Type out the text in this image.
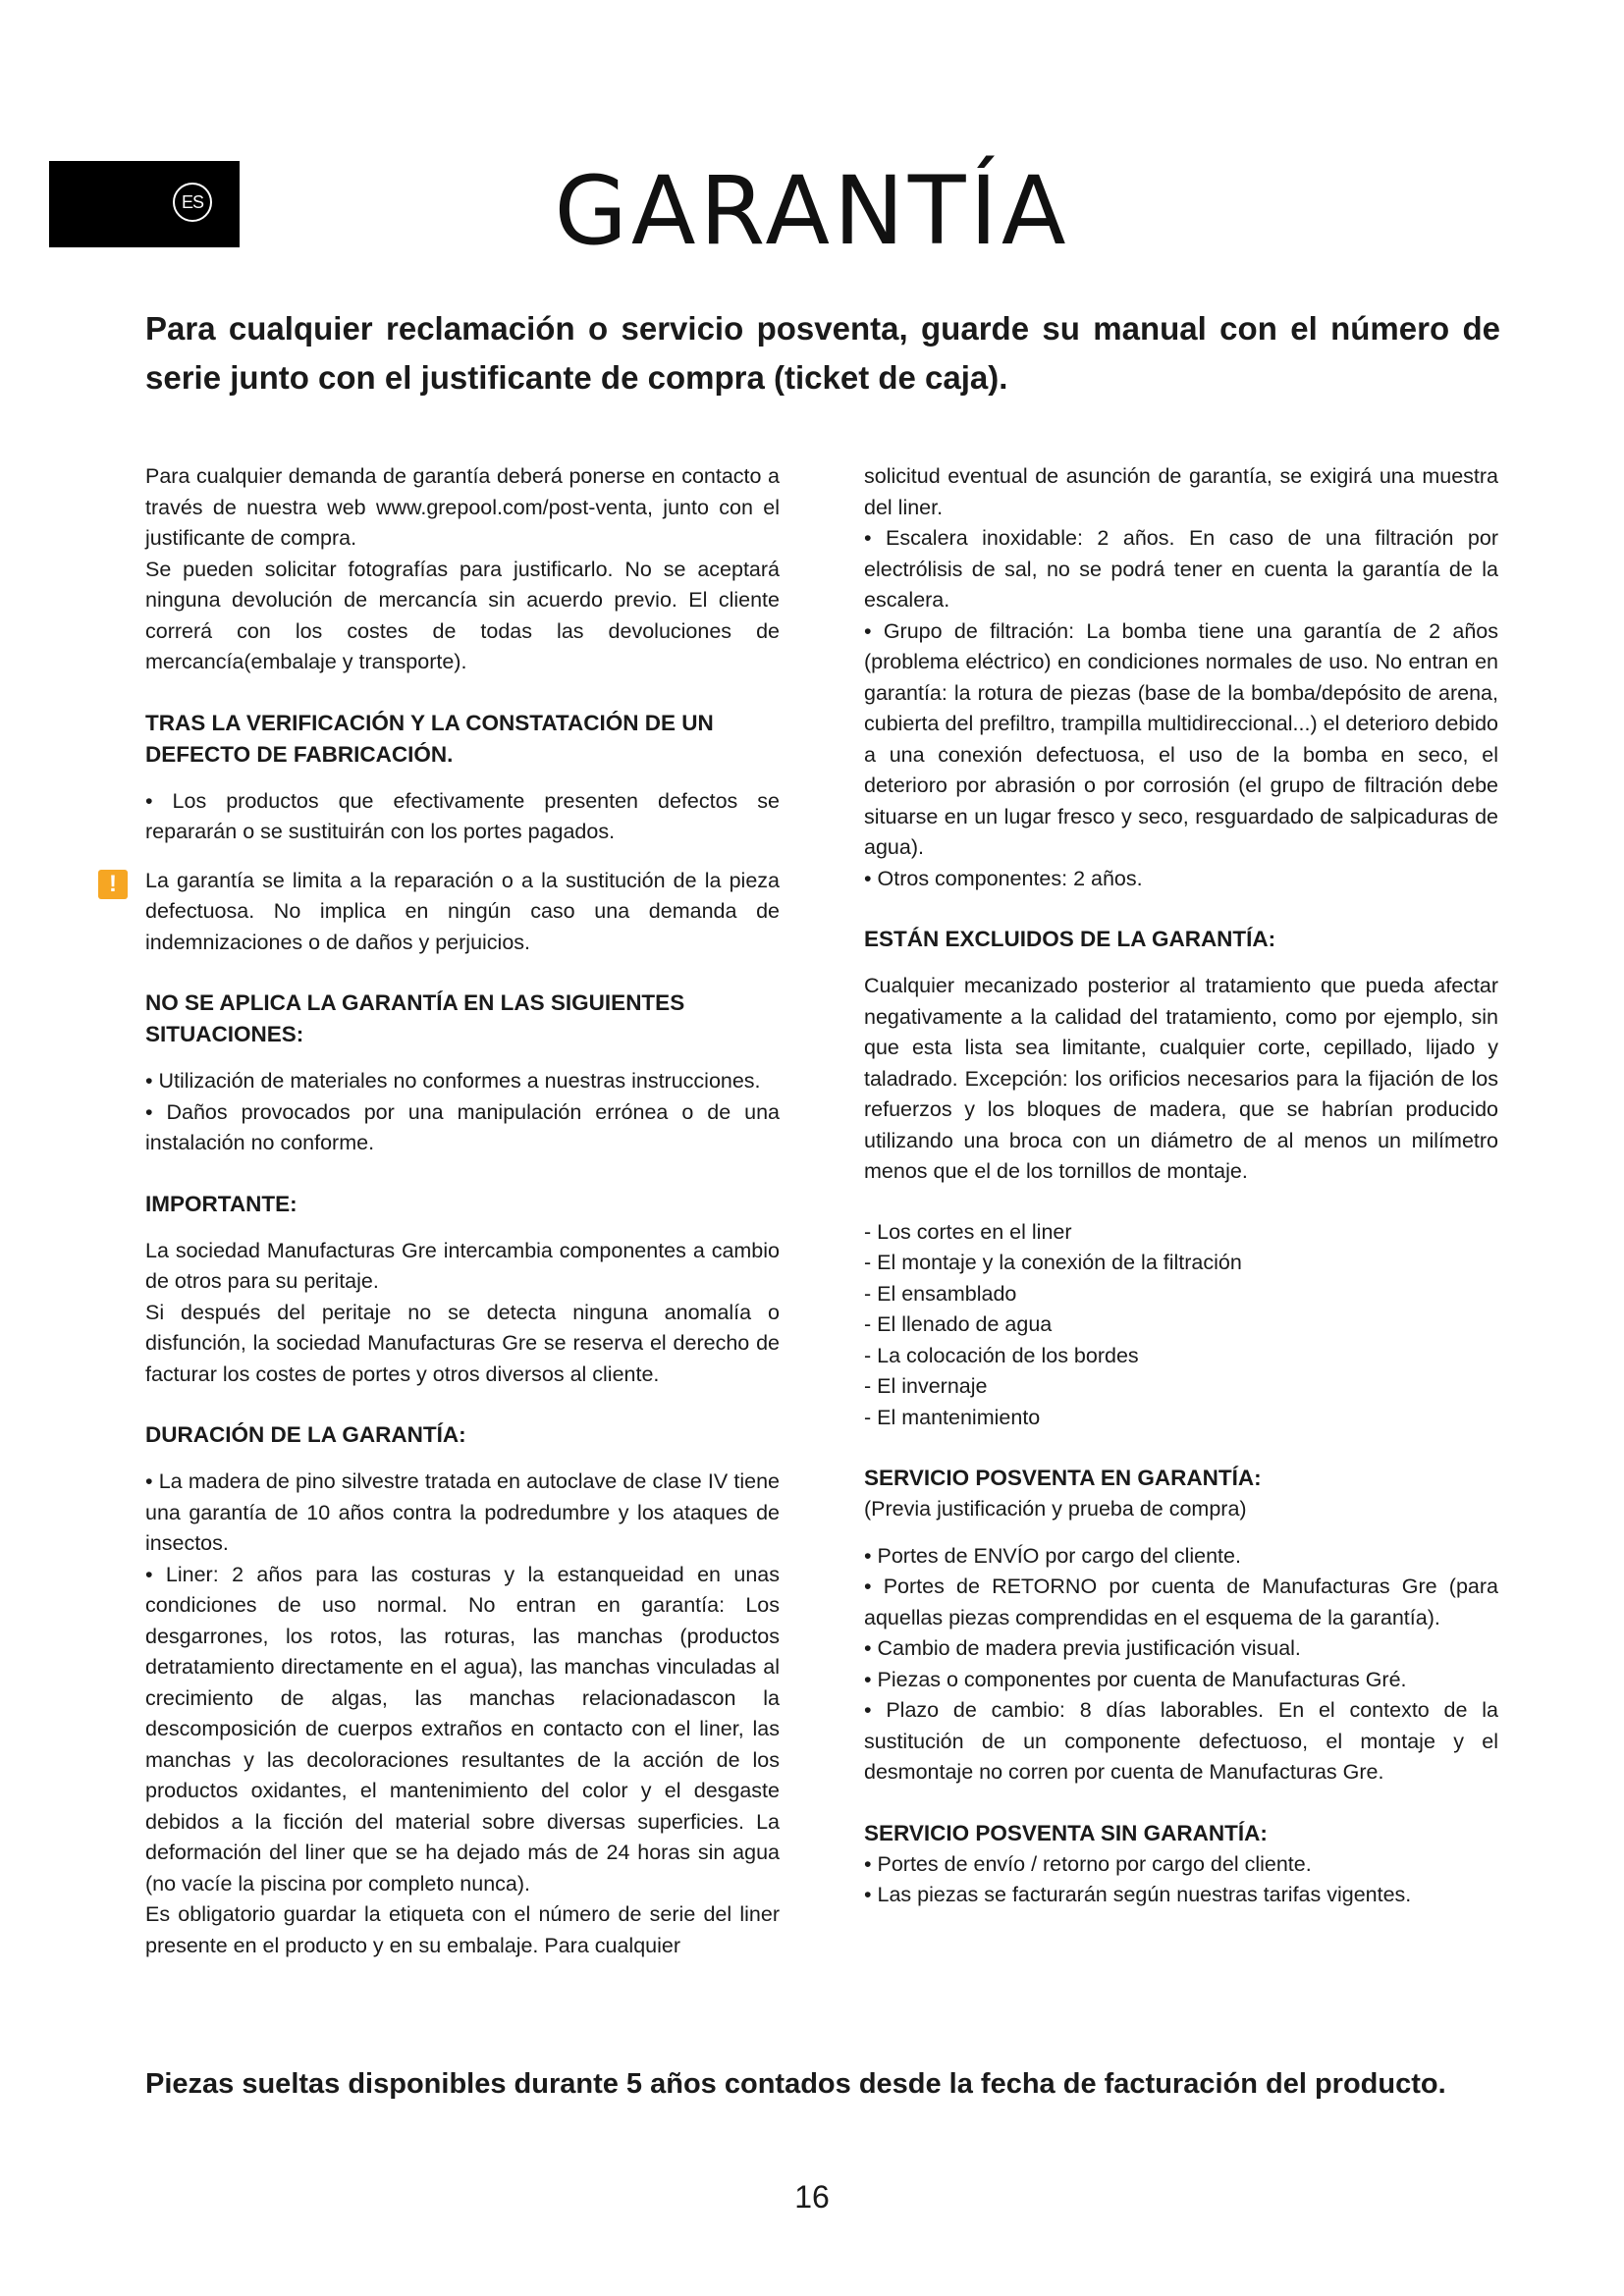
ES	GARANTÍA

Para cualquier reclamación o servicio posventa, guarde su manual con el número de serie junto con el justificante de compra (ticket de caja).

Para cualquier demanda de garantía deberá ponerse en contacto a través de nuestra web www.grepool.com/post-venta, junto con el justificante de compra.

Se pueden solicitar fotografías para justificarlo. No se aceptará ninguna devolución de mercancía sin acuerdo previo. El cliente correrá con los costes de todas las devoluciones de mercancía(embalaje y transporte).

TRAS LA VERIFICACIÓN Y LA CONSTATACIÓN DE UN DEFECTO DE FABRICACIÓN.

• Los productos que efectivamente presenten defectos se repararán o se sustituirán con los portes pagados.

!	La garantía se limita a la reparación o a la sustitución de la pieza defectuosa. No implica en ningún caso una demanda de indemnizaciones o de daños y perjuicios.

NO SE APLICA LA GARANTÍA EN LAS SIGUIENTES SITUACIONES:

• Utilización de materiales no conformes a nuestras instrucciones.

• Daños provocados por una manipulación errónea o de una instalación no conforme.

IMPORTANTE:

La sociedad Manufacturas Gre intercambia componentes a cambio de otros para su peritaje.

Si después del peritaje no se detecta ninguna anomalía o disfunción, la sociedad Manufacturas Gre se reserva el derecho de facturar los costes de portes y otros diversos al cliente.

DURACIÓN DE LA GARANTÍA:

• La madera de pino silvestre tratada en autoclave de clase IV tiene una garantía de 10 años contra la podredumbre y los ataques de insectos.

• Liner: 2 años para las costuras y la estanqueidad en unas condiciones de uso normal. No entran en garantía: Los desgarrones, los rotos, las roturas, las manchas (productos detratamiento directamente en el agua), las manchas vinculadas al crecimiento de algas, las manchas relacionadascon la descomposición de cuerpos extraños en contacto con el liner, las manchas y las decoloraciones resultantes de la acción de los productos oxidantes, el mantenimiento del color y el desgaste debidos a la ficción del material sobre diversas superficies. La deformación del liner que se ha dejado más de 24 horas sin agua (no vacíe la piscina por completo nunca).

Es obligatorio guardar la etiqueta con el número de serie del liner presente en el producto y en su embalaje. Para cualquier

solicitud eventual de asunción de garantía, se exigirá una muestra del liner.

• Escalera inoxidable: 2 años. En caso de una filtración por electrólisis de sal, no se podrá tener en cuenta la garantía de la escalera.

• Grupo de filtración: La bomba tiene una garantía de 2 años (problema eléctrico) en condiciones normales de uso. No entran en garantía: la rotura de piezas (base de la bomba/depósito de arena, cubierta del prefiltro, trampilla multidireccional...) el deterioro debido a una conexión defectuosa, el uso de la bomba en seco, el deterioro por abrasión o por corrosión (el grupo de filtración debe situarse en un lugar fresco y seco, resguardado de salpicaduras de agua).

• Otros componentes: 2 años.

ESTÁN EXCLUIDOS DE LA GARANTÍA:

Cualquier mecanizado posterior al tratamiento que pueda afectar negativamente a la calidad del tratamiento, como por ejemplo, sin que esta lista sea limitante, cualquier corte, cepillado, lijado y taladrado. Excepción: los orificios necesarios para la fijación de los refuerzos y los bloques de madera, que se habrían producido utilizando una broca con un diámetro de al menos un milímetro menos que el de los tornillos de montaje.

- Los cortes en el liner

- El montaje y la conexión de la filtración

- El ensamblado

- El llenado de agua

- La colocación de los bordes

- El invernaje

- El mantenimiento

SERVICIO POSVENTA EN GARANTÍA:

(Previa justificación y prueba de compra)

• Portes de ENVÍO por cargo del cliente.

• Portes de RETORNO por cuenta de Manufacturas Gre (para aquellas piezas comprendidas en el esquema de la garantía).

• Cambio de madera previa justificación visual.

• Piezas o componentes por cuenta de Manufacturas Gré.

• Plazo de cambio: 8 días laborables. En el contexto de la sustitución de un componente defectuoso, el montaje y el desmontaje no corren por cuenta de Manufacturas Gre.

SERVICIO POSVENTA SIN GARANTÍA:

• Portes de envío / retorno por cargo del cliente.

• Las piezas se facturarán según nuestras tarifas vigentes.

Piezas sueltas disponibles durante 5 años contados desde la fecha de facturación del producto.

16
